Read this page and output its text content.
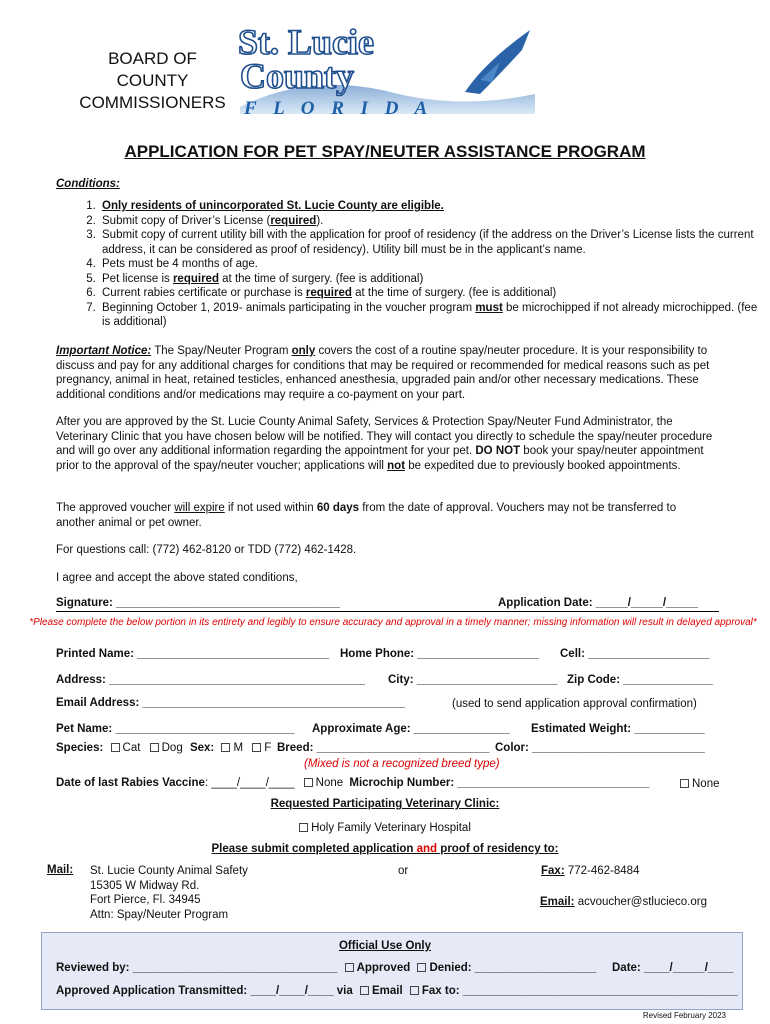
BOARD OF
COUNTY
COMMISSIONERS
St. Lucie
County
F L O R I D A
APPLICATION FOR PET SPAY/NEUTER ASSISTANCE PROGRAM
Conditions:
1. Only residents of unincorporated St. Lucie County are eligible.
2. Submit copy of Driver’s License (required).
3. Submit copy of current utility bill with the application for proof of residency (if the address on the Driver’s License lists the current address, it can be considered as proof of residency). Utility bill must be in the applicant’s name.
4. Pets must be 4 months of age.
5. Pet license is required at the time of surgery. (fee is additional)
6. Current rabies certificate or purchase is required at the time of surgery. (fee is additional)
7. Beginning October 1, 2019- animals participating in the voucher program must be microchipped if not already microchipped. (fee is additional)
Important Notice: The Spay/Neuter Program only covers the cost of a routine spay/neuter procedure. It is your responsibility to discuss and pay for any additional charges for conditions that may be required or recommended for medical reasons such as pet pregnancy, animal in heat, retained testicles, enhanced anesthesia, upgraded pain and/or other necessary medications. These additional conditions and/or medications may require a co-payment on your part.
After you are approved by the St. Lucie County Animal Safety, Services & Protection Spay/Neuter Fund Administrator, the Veterinary Clinic that you have chosen below will be notified. They will contact you directly to schedule the spay/neuter procedure and will go over any additional information regarding the appointment for your pet. DO NOT book your spay/neuter appointment prior to the approval of the spay/neuter voucher; applications will not be expedited due to previously booked appointments.
The approved voucher will expire if not used within 60 days from the date of approval. Vouchers may not be transferred to another animal or pet owner.
For questions call: (772) 462-8120 or TDD (772) 462-1428.
I agree and accept the above stated conditions,
Signature: ___________________________________	Application Date: _____/_____/_____
*Please complete the below portion in its entirety and legibly to ensure accuracy and approval in a timely manner; missing information will result in delayed approval*
Printed Name: ______________________________ Home Phone: ___________________ Cell: ___________________
Address: ________________________________________ City: ______________________ Zip Code: ______________
Email Address: _________________________________________	(used to send application approval confirmation)
Pet Name: ____________________________ Approximate Age: _______________ Estimated Weight: ___________
Species: Cat Dog Sex: M F Breed: ___________________________ Color: ___________________________
(Mixed is not a recognized breed type)
Date of last Rabies Vaccine: ____/____/____ None Microchip Number: ______________________________	None
Requested Participating Veterinary Clinic:
Holy Family Veterinary Hospital
Please submit completed application and proof of residency to:
Mail: St. Lucie County Animal Safety
15305 W Midway Rd.
Fort Pierce, Fl. 34945
Attn: Spay/Neuter Program
or	Fax: 772-462-8484
Email: acvoucher@stlucieco.org
Official Use Only
Reviewed by: ________________________________ Approved Denied: ___________________ Date: ____/_____/____
Approved Application Transmitted: ____/____/____ via Email Fax to: ___________________________________________
Revised February 2023
